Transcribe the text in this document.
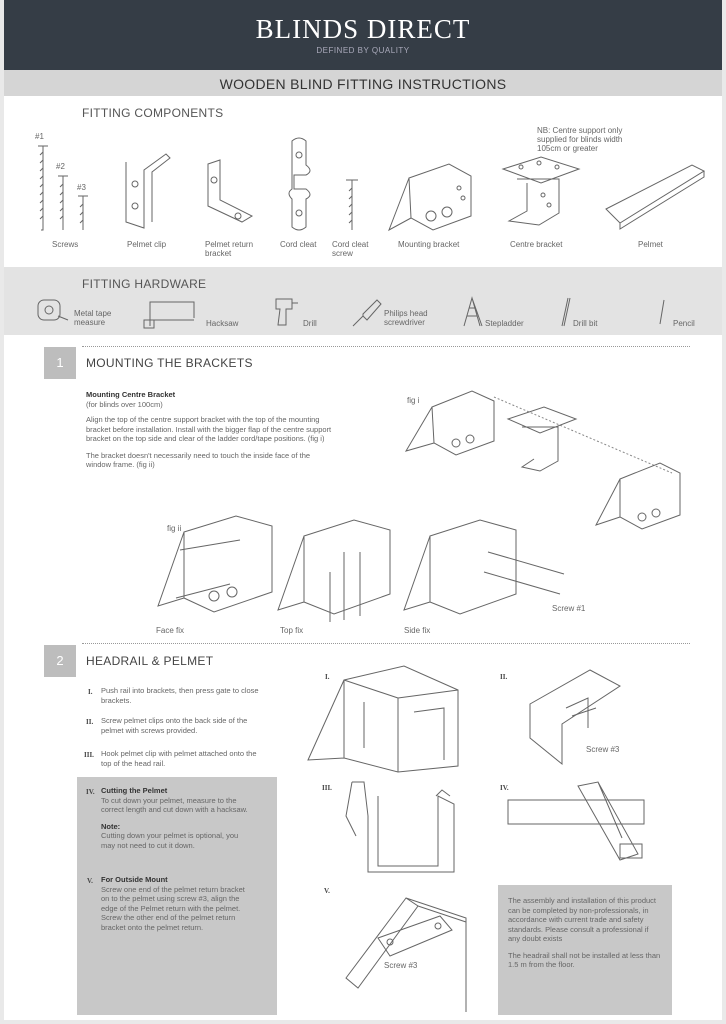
BLINDS DIRECT
DEFINED BY QUALITY
WOODEN BLIND FITTING INSTRUCTIONS
FITTING COMPONENTS
NB: Centre support only supplied for blinds width 105cm or greater
#1
#2
#3
Screws	Pelmet clip	Pelmet return bracket
Cord cleat Cord cleat screw
Mounting bracket	Centre bracket	Pelmet
FITTING HARDWARE
Metal tape measure	Hacksaw	Drill
Philips head screwdriver	Stepladder	Drill bit	Pencil
1	MOUNTING THE BRACKETS
Mounting Centre Bracket
(for blinds over 100cm)
Align the top of the centre support bracket with the top of the mounting bracket before installation. Install with the bigger flap of the centre support bracket on the top side and clear of the ladder cord/tape positions. (fig i)
The bracket doesn't necessarily need to touch the inside face of the window frame. (fig ii)
fig i
fig ii
Screw #1
Face fix	Top fix	Side fix
2	HEADRAIL & PELMET
I. Push rail into brackets, then press gate to close brackets.
II. Screw pelmet clips onto the back side of the pelmet with screws provided.
III. Hook pelmet clip with pelmet attached onto the top of the head rail.
IV. Cutting the Pelmet
To cut down your pelmet, measure to the correct length and cut down with a hacksaw.
Note:
Cutting down your pelmet is optional, you may not need to cut it down.
V. For Outside Mount
Screw one end of the pelmet return bracket on to the pelmet using screw #3, align the edge of the Pelmet return with the pelmet. Screw the other end of the pelmet return bracket onto the pelmet return.
I.	II.
III.	IV.
V.
Screw #3
Screw #3
The assembly and installation of this product can be completed by non-professionals, in accordance with current trade and safety standards. Please consult a professional if any doubt exists
The headrail shall not be installed at less than 1.5 m from the floor.
